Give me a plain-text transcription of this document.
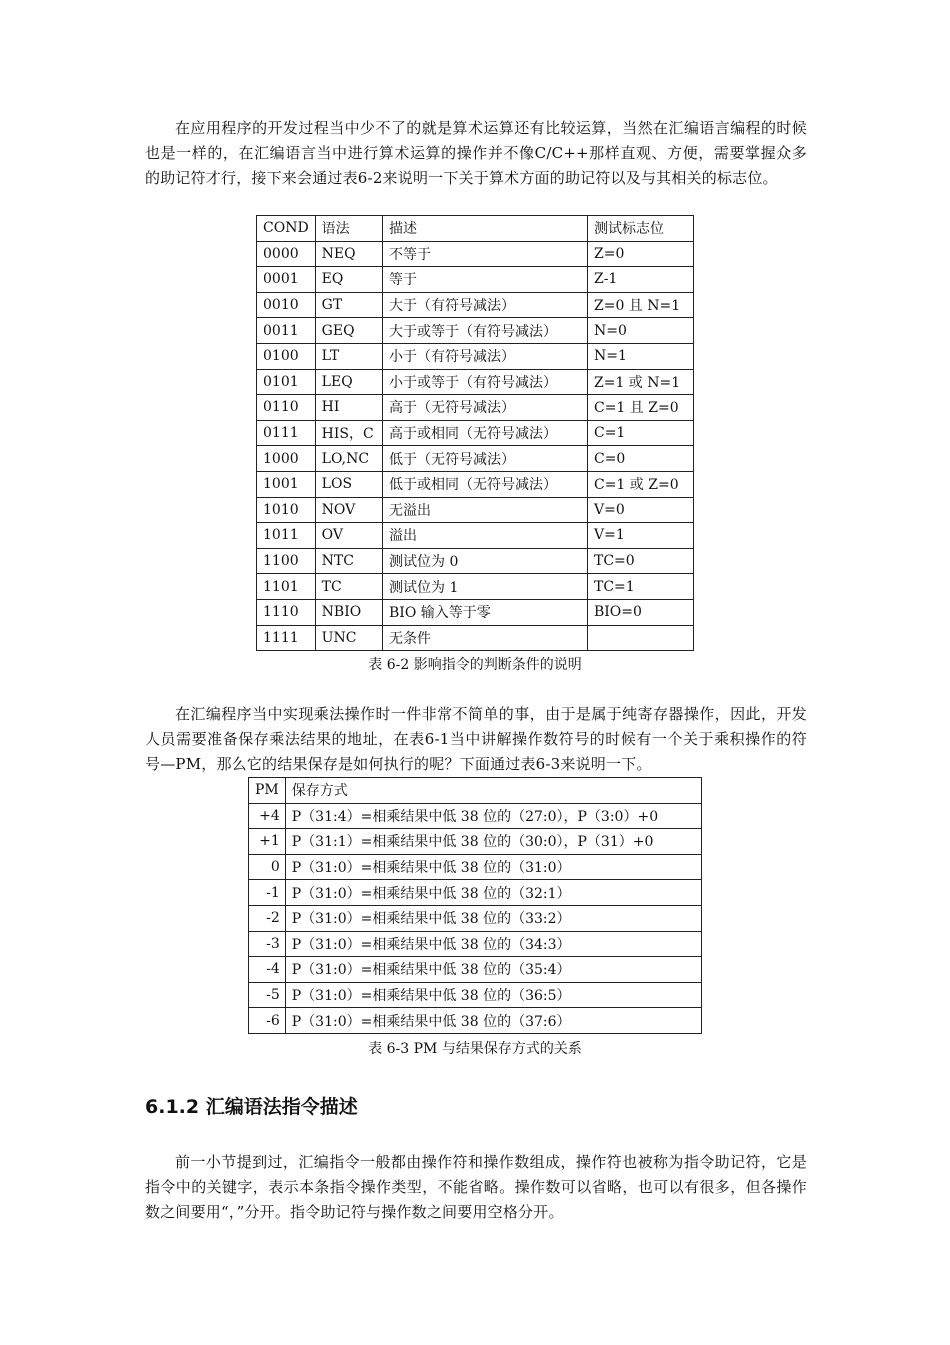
在应用程序的开发过程当中少不了的就是算术运算还有比较运算，当然在汇编语言编程的时候也是一样的，在汇编语言当中进行算术运算的操作并不像C/C++那样直观、方便，需要掌握众多的助记符才行，接下来会通过表6-2来说明一下关于算术方面的助记符以及与其相关的标志位。

COND	语法	描述	测试标志位
0000	NEQ	不等于	Z=0
0001	EQ	等于	Z-1
0010	GT	大于（有符号减法）	Z=0 且 N=1
0011	GEQ	大于或等于（有符号减法）	N=0
0100	LT	小于（有符号减法）	N=1
0101	LEQ	小于或等于（有符号减法）	Z=1 或 N=1
0110	HI	高于（无符号减法）	C=1 且 Z=0
0111	HIS，C	高于或相同（无符号减法）	C=1
1000	LO,NC	低于（无符号减法）	C=0
1001	LOS	低于或相同（无符号减法）	C=1 或 Z=0
1010	NOV	无溢出	V=0
1011	OV	溢出	V=1
1100	NTC	测试位为 0	TC=0
1101	TC	测试位为 1	TC=1
1110	NBIO	BIO 输入等于零	BIO=0
1111	UNC	无条件	

表 6-2 影响指令的判断条件的说明

在汇编程序当中实现乘法操作时一件非常不简单的事，由于是属于纯寄存器操作，因此，开发人员需要准备保存乘法结果的地址，在表6-1当中讲解操作数符号的时候有一个关于乘积操作的符号—PM，那么它的结果保存是如何执行的呢？下面通过表6-3来说明一下。

PM	保存方式
+4	P（31:4）=相乘结果中低 38 位的（27:0），P（3:0）+0
+1	P（31:1）=相乘结果中低 38 位的（30:0），P（31）+0
0	P（31:0）=相乘结果中低 38 位的（31:0）
-1	P（31:0）=相乘结果中低 38 位的（32:1）
-2	P（31:0）=相乘结果中低 38 位的（33:2）
-3	P（31:0）=相乘结果中低 38 位的（34:3）
-4	P（31:0）=相乘结果中低 38 位的（35:4）
-5	P（31:0）=相乘结果中低 38 位的（36:5）
-6	P（31:0）=相乘结果中低 38 位的（37:6）

表 6-3 PM 与结果保存方式的关系

6.1.2 汇编语法指令描述

前一小节提到过，汇编指令一般都由操作符和操作数组成，操作符也被称为指令助记符，它是指令中的关键字，表示本条指令操作类型，不能省略。操作数可以省略，也可以有很多，但各操作数之间要用“，”分开。指令助记符与操作数之间要用空格分开。
